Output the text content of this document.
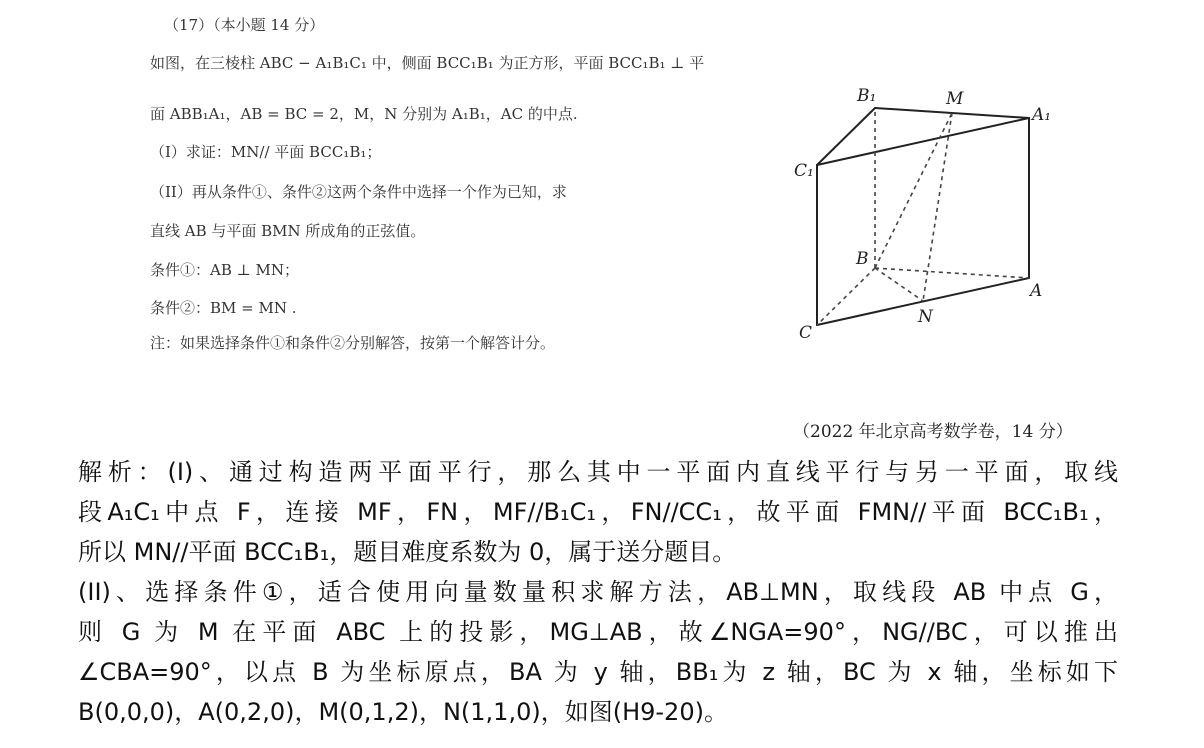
（17）（本小题 14 分）
如图，在三棱柱 ABC − A₁B₁C₁ 中，侧面 BCC₁B₁ 为正方形，平面 BCC₁B₁ ⊥ 平
面 ABB₁A₁，AB = BC = 2，M，N 分别为 A₁B₁，AC 的中点.
（I）求证：MN// 平面 BCC₁B₁；
（II）再从条件①、条件②这两个条件中选择一个作为已知，求
直线 AB 与平面 BMN 所成角的正弦值。
条件①：AB ⊥ MN；
条件②：BM = MN .
注：如果选择条件①和条件②分别解答，按第一个解答计分。
B₁	M
A₁
C₁
B
A
C
N
（2022 年北京高考数学卷，14 分）
解析：(I)、通过构造两平面平行，那么其中一平面内直线平行与另一平面，取线
段A₁C₁中点 F，连接 MF，FN，MF//B₁C₁，FN//CC₁，故平面 FMN//平面 BCC₁B₁，
所以 MN//平面 BCC₁B₁，题目难度系数为 0，属于送分题目。
(II)、选择条件①，适合使用向量数量积求解方法，AB⊥MN，取线段 AB 中点 G，
则 G 为 M 在平面 ABC 上的投影，MG⊥AB，故∠NGA=90°，NG//BC，可以推出
∠CBA=90°，以点 B 为坐标原点，BA 为 y 轴，BB₁为 z 轴，BC 为 x 轴，坐标如下
B(0,0,0)，A(0,2,0)，M(0,1,2)，N(1,1,0)，如图(H9-20)。
